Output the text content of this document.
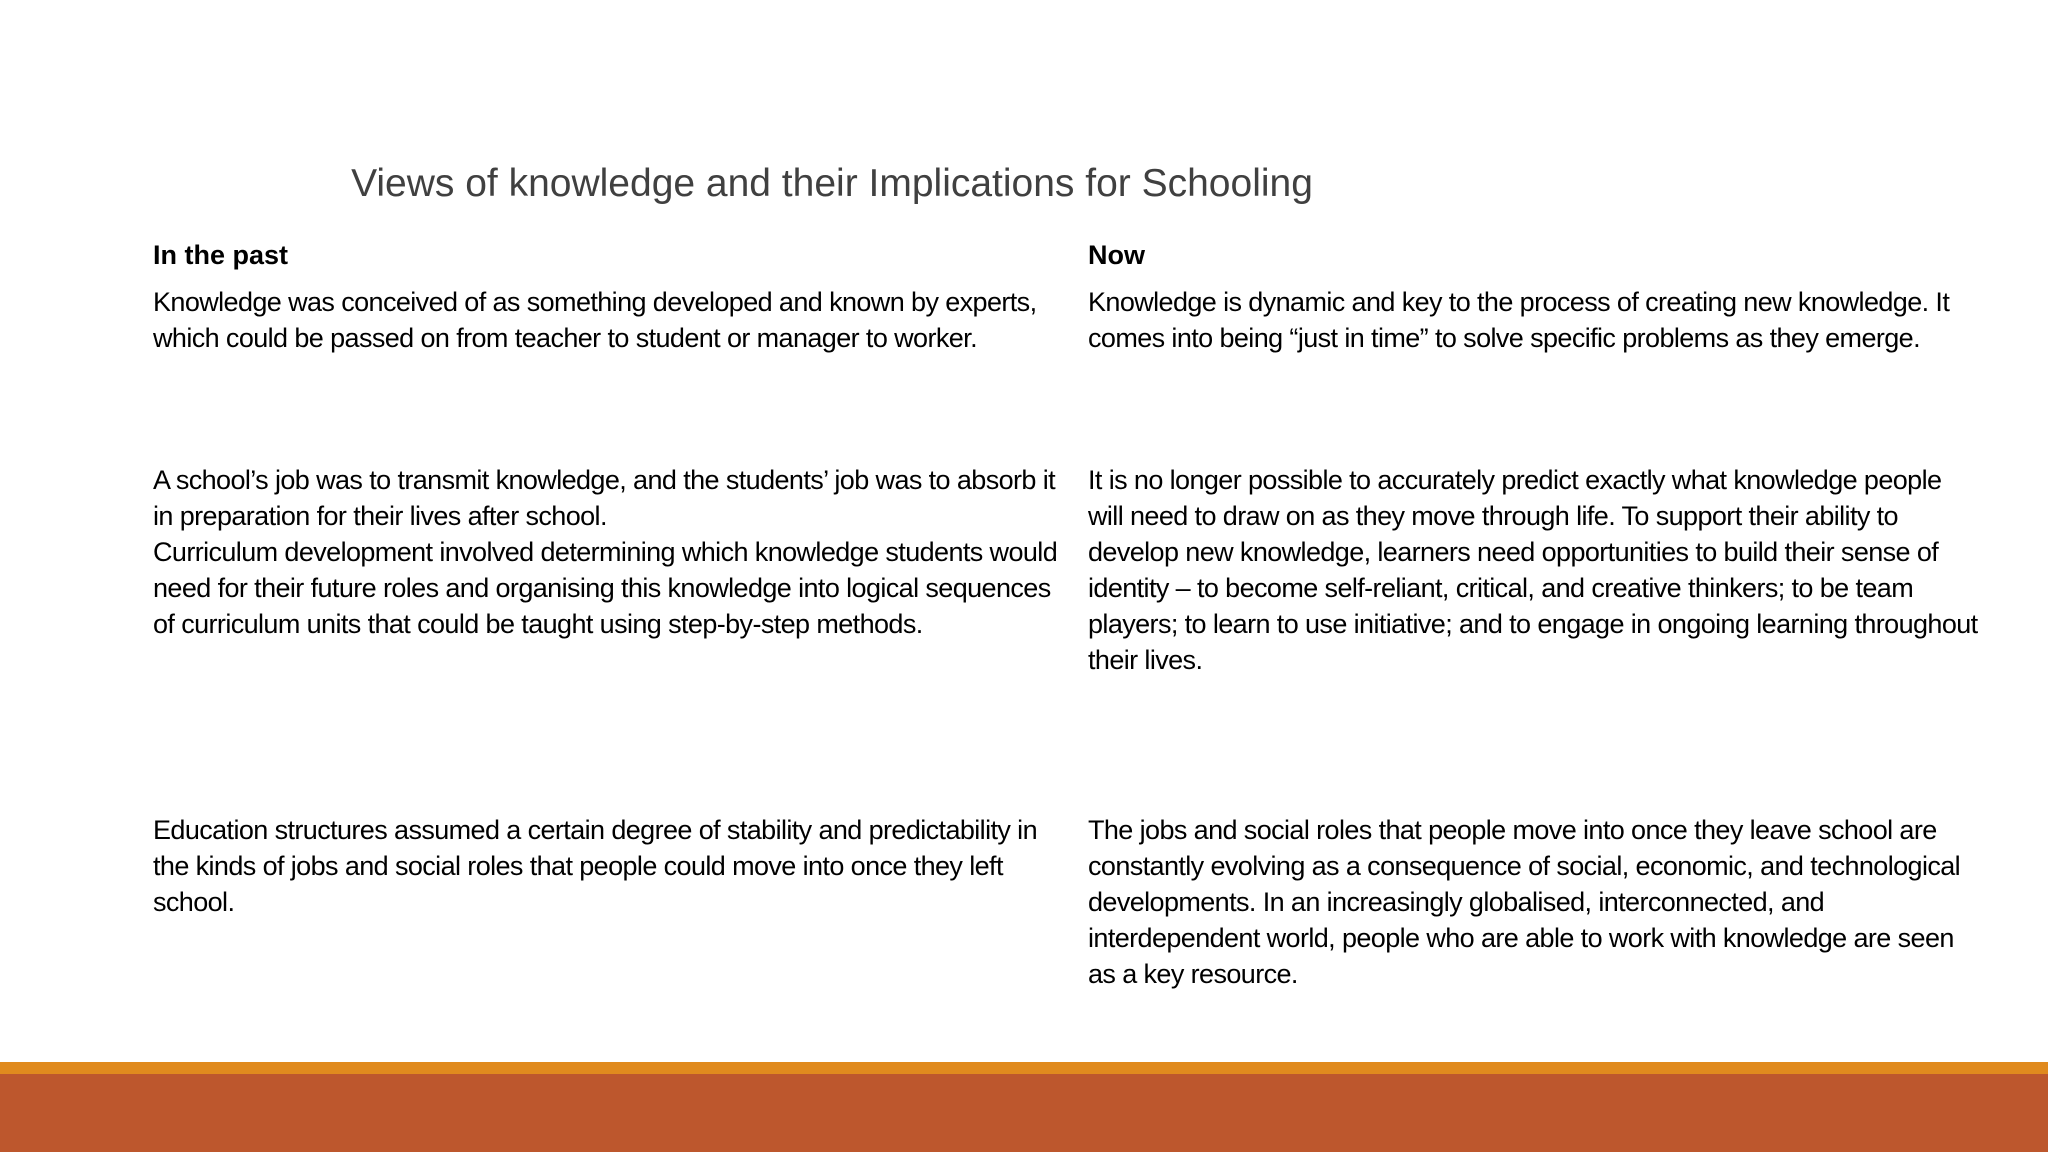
Views of knowledge and their Implications for Schooling
In the past	Now

Knowledge was conceived of as something developed and known by experts, which could be passed on from teacher to student or manager to worker.

Knowledge is dynamic and key to the process of creating new knowledge. It comes into being “just in time” to solve specific problems as they emerge.

A school’s job was to transmit knowledge, and the students’ job was to absorb it in preparation for their lives after school.

Curriculum development involved determining which knowledge students would need for their future roles and organising this knowledge into logical sequences of curriculum units that could be taught using step-by-step methods.

It is no longer possible to accurately predict exactly what knowledge people will need to draw on as they move through life. To support their ability to develop new knowledge, learners need opportunities to build their sense of identity – to become self-reliant, critical, and creative thinkers; to be team players; to learn to use initiative; and to engage in ongoing learning throughout their lives.

Education structures assumed a certain degree of stability and predictability in the kinds of jobs and social roles that people could move into once they left school.

The jobs and social roles that people move into once they leave school are constantly evolving as a consequence of social, economic, and technological developments. In an increasingly globalised, interconnected, and interdependent world, people who are able to work with knowledge are seen as a key resource.
